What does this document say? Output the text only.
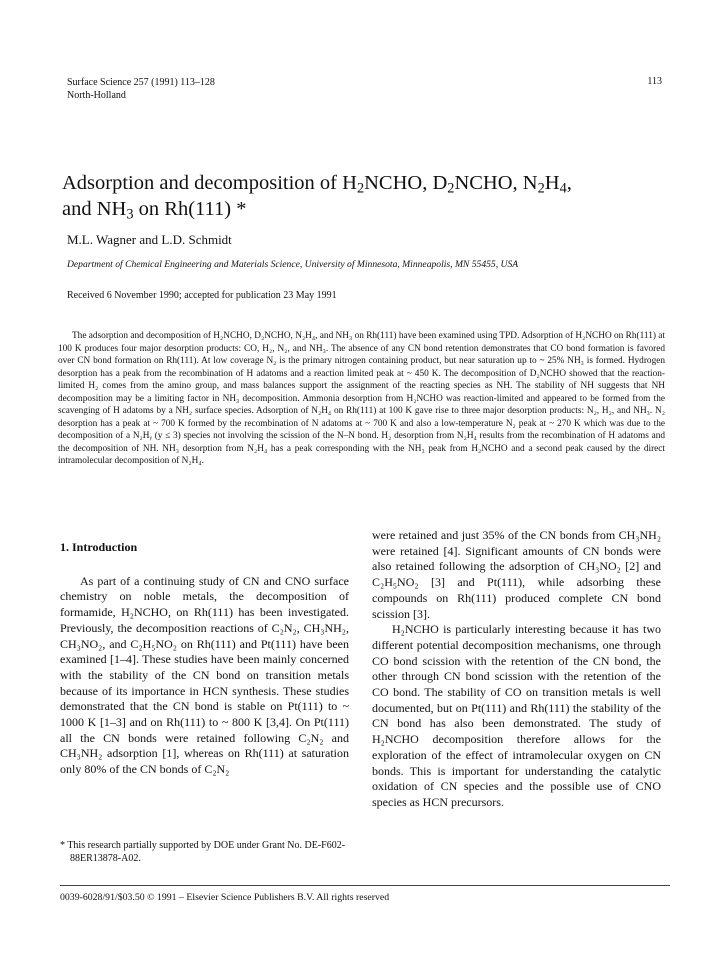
Surface Science 257 (1991) 113–128
North-Holland
113
Adsorption and decomposition of $H_2NCHO$, $D_2NCHO$, $N_2H_4$,
and $NH_3$ on Rh(111) *
M.L. Wagner and L.D. Schmidt
Department of Chemical Engineering and Materials Science, University of Minnesota, Minneapolis, MN 55455, USA
Received 6 November 1990; accepted for publication 23 May 1991

The adsorption and decomposition of H₂NCHO, D₂NCHO, N₂H₄, and NH₃ on Rh(111) have been examined using TPD. Adsorption of H₂NCHO on Rh(111) at 100 K produces four major desorption products: CO, H₂, N₂, and NH₃. The absence of any CN bond retention demonstrates that CO bond formation is favored over CN bond formation on Rh(111). At low coverage N₂ is the primary nitrogen containing product, but near saturation up to ~ 25% NH₃ is formed. Hydrogen desorption has a peak from the recombination of H adatoms and a reaction limited peak at ~ 450 K. The decomposition of D₂NCHO showed that the reaction-limited H₂ comes from the amino group, and mass balances support the assignment of the reacting species as NH. The stability of NH suggests that NH decomposition may be a limiting factor in NH₃ decomposition. Ammonia desorption from H₂NCHO was reaction-limited and appeared to be formed from the scavenging of H adatoms by a NH₂ surface species. Adsorption of N₂H₄ on Rh(111) at 100 K gave rise to three major desorption products: N₂, H₂, and NH₃. N₂ desorption has a peak at ~ 700 K formed by the recombination of N adatoms at ~ 700 K and also a low-temperature N₂ peak at ~ 270 K which was due to the decomposition of a N₂Hᵧ (y ≤ 3) species not involving the scission of the N–N bond. H₂ desorption from N₂H₄ results from the recombination of H adatoms and the decomposition of NH. NH₃ desorption from N₂H₄ has a peak corresponding with the NH₃ peak from H₂NCHO and a second peak caused by the direct intramolecular decomposition of N₂H₄.

1. Introduction

As part of a continuing study of CN and CNO surface chemistry on noble metals, the decomposition of formamide, H₂NCHO, on Rh(111) has been investigated. Previously, the decomposition reactions of C₂N₂, CH₃NH₂, CH₃NO₂, and C₂H₅NO₂ on Rh(111) and Pt(111) have been examined [1–4]. These studies have been mainly concerned with the stability of the CN bond on transition metals because of its importance in HCN synthesis. These studies demonstrated that the CN bond is stable on Pt(111) to ~ 1000 K [1–3] and on Rh(111) to ~ 800 K [3,4]. On Pt(111) all the CN bonds were retained following C₂N₂ and CH₃NH₂ adsorption [1], whereas on Rh(111) at saturation only 80% of the CN bonds of C₂N₂

were retained and just 35% of the CN bonds from CH₃NH₂ were retained [4]. Significant amounts of CN bonds were also retained following the adsorption of CH₃NO₂ [2] and C₂H₅NO₂ [3] and Pt(111), while adsorbing these compounds on Rh(111) produced complete CN bond scission [3].

H₂NCHO is particularly interesting because it has two different potential decomposition mechanisms, one through CO bond scission with the retention of the CN bond, the other through CN bond scission with the retention of the CO bond. The stability of CO on transition metals is well documented, but on Pt(111) and Rh(111) the stability of the CN bond has also been demonstrated. The study of H₂NCHO decomposition therefore allows for the exploration of the effect of intramolecular oxygen on CN bonds. This is important for understanding the catalytic oxidation of CN species and the possible use of CNO species as HCN precursors.

* This research partially supported by DOE under Grant No. DE-F602-88ER13878-A02.

0039-6028/91/$03.50 © 1991 – Elsevier Science Publishers B.V. All rights reserved
